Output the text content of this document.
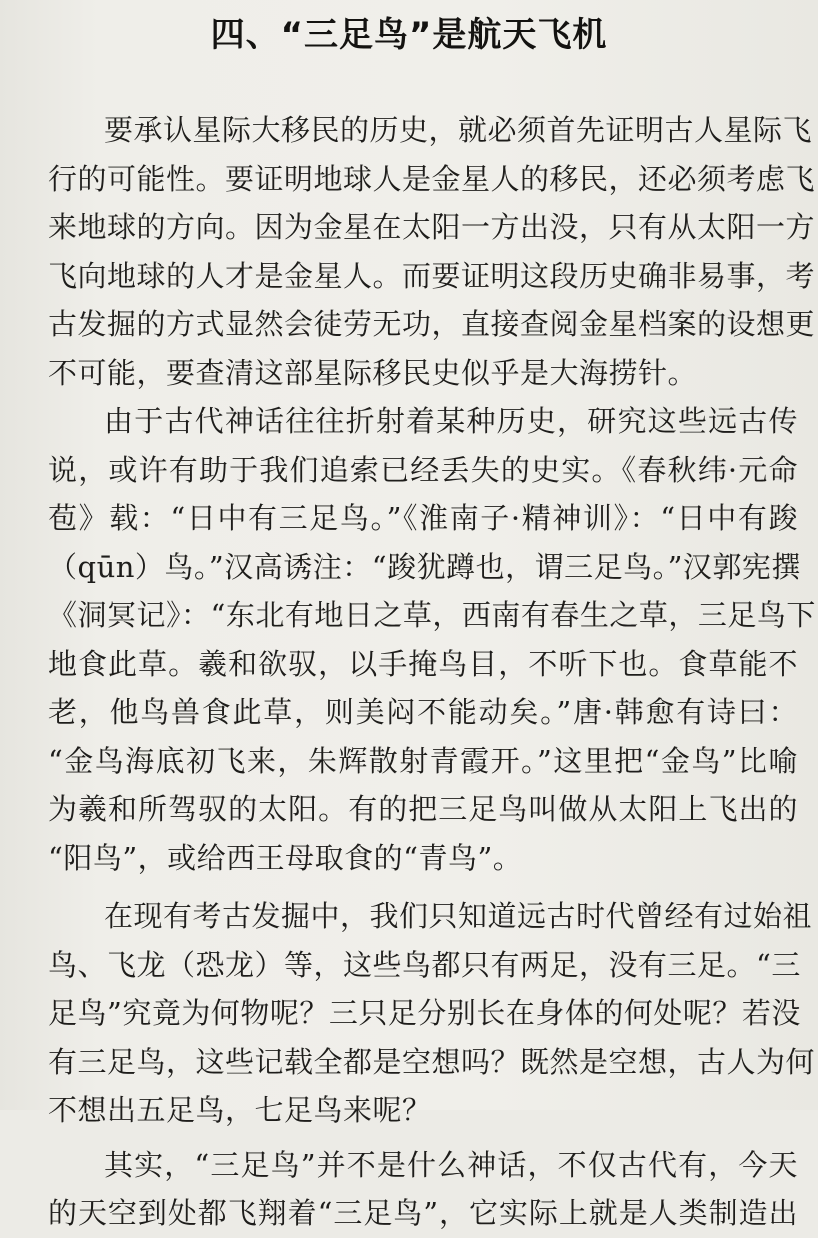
四、“三足鸟”是航天飞机
要承认星际大移民的历史，就必须首先证明古人星际飞
行的可能性。要证明地球人是金星人的移民，还必须考虑飞
来地球的方向。因为金星在太阳一方出没，只有从太阳一方
飞向地球的人才是金星人。而要证明这段历史确非易事，考
古发掘的方式显然会徒劳无功，直接查阅金星档案的设想更
不可能，要查清这部星际移民史似乎是大海捞针。
由于古代神话往往折射着某种历史，研究这些远古传
说，或许有助于我们追索已经丢失的史实。《春秋纬·元命
苞》载：“日中有三足鸟。”《淮南子·精神训》：“日中有踆
（qūn）鸟。”汉高诱注：“踆犹蹲也，谓三足鸟。”汉郭宪撰
《洞冥记》：“东北有地日之草，西南有春生之草，三足鸟下
地食此草。羲和欲驭，以手掩鸟目，不听下也。食草能不
老，他鸟兽食此草，则美闷不能动矣。”唐·韩愈有诗曰：
“金鸟海底初飞来，朱辉散射青霞开。”这里把“金鸟”比喻
为羲和所驾驭的太阳。有的把三足鸟叫做从太阳上飞出的
“阳鸟”，或给西王母取食的“青鸟”。
在现有考古发掘中，我们只知道远古时代曾经有过始祖
鸟、飞龙（恐龙）等，这些鸟都只有两足，没有三足。“三
足鸟”究竟为何物呢？三只足分别长在身体的何处呢？若没
有三足鸟，这些记载全都是空想吗？既然是空想，古人为何
不想出五足鸟，七足鸟来呢？
其实，“三足鸟”并不是什么神话，不仅古代有，今天
的天空到处都飞翔着“三足鸟”，它实际上就是人类制造出
